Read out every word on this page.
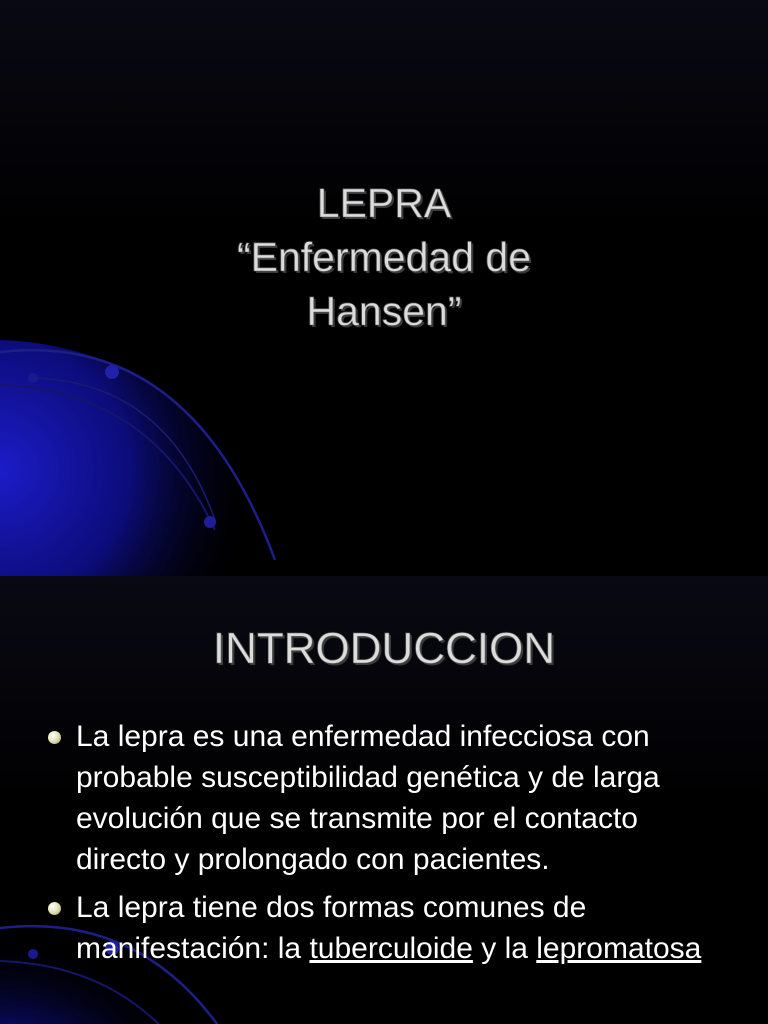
LEPRA
“Enfermedad de
Hansen”
INTRODUCCION
La lepra es una enfermedad infecciosa con probable susceptibilidad genética y de larga evolución que se transmite por el contacto directo y prolongado con pacientes.
La lepra tiene dos formas comunes de manifestación: la tuberculoide y la lepromatosa
